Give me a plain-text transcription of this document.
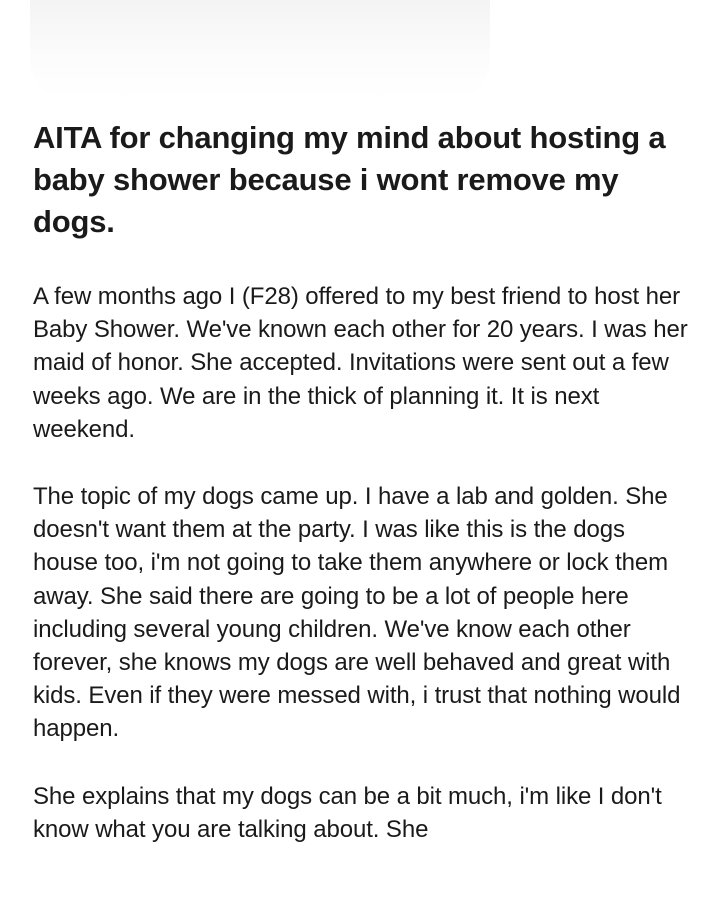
AITA for changing my mind about hosting a baby shower because i wont remove my dogs.

A few months ago I (F28) offered to my best friend to host her Baby Shower. We've known each other for 20 years. I was her maid of honor. She accepted. Invitations were sent out a few weeks ago. We are in the thick of planning it. It is next weekend.

The topic of my dogs came up. I have a lab and golden. She doesn't want them at the party. I was like this is the dogs house too, i'm not going to take them anywhere or lock them away. She said there are going to be a lot of people here including several young children. We've know each other forever, she knows my dogs are well behaved and great with kids. Even if they were messed with, i trust that nothing would happen.

She explains that my dogs can be a bit much, i'm like I don't know what you are talking about. She
